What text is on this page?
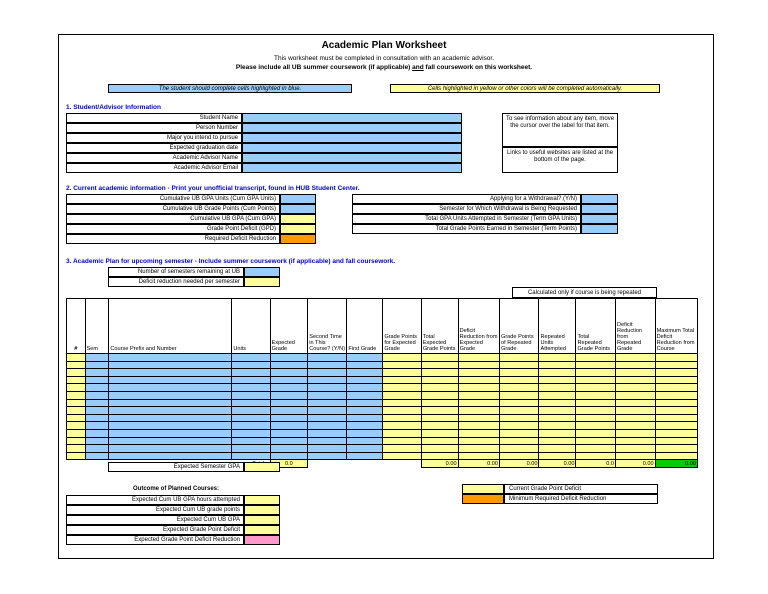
Academic Plan Worksheet
This worksheet must be completed in consultation with an academic advisor.
Please include all UB summer coursework (if applicable) and fall coursework on this worksheet.
The student should complete cells highlighted in blue.	Cells highlighted in yellow or other colors will be completed automatically.
1. Student/Advisor Information
Student Name
Person Number
Major you intend to pursue
Expected graduation date
Academic Advisor Name
Academic Advisor Email
To see information about any item, move the cursor over the label for that item.
Links to useful websites are listed at the bottom of the page.
2. Current academic information - Print your unofficial transcript, found in HUB Student Center.
Cumulative UB GPA Units (Cum GPA Units)
Cumulative UB Grade Points (Cum Points)
Cumulative UB GPA (Cum GPA)
Grade Point Deficit (GPD)
Required Deficit Reduction
Applying for a Withdrawal? (Y/N)
Semester for Which Withdrawal is Being Requested
Total GPA Units Attempted in Semester (Term GPA Units)
Total Grade Points Earned in Semester (Term Points)
3. Academic Plan for upcoming semester - Include summer coursework (if applicable) and fall coursework.
Number of semesters remaining at UB
Deficit reduction needed per semester
Calculated only if course is being repeated
#	Sem	Course Prefix and Number	Units	Expected Grade	Second Time in This Course? (Y/N)	First Grade	Grade Points for Expected Grade	Total Expected Grade Points	Deficit Reduction from Expected Grade	Grade Points of Repeated Grade	Repeated Units Attempted	Total Repeated Grade Points	Deficit Reduction from Repeated Grade	Maximum Total Deficit Reduction from Course

	0.0				0.00	0.00	0.00	0.00	0.0	0.00	0.00
Expected Semester GPA
Outcome of Planned Courses:
Expected Cum UB GPA hours attempted
Expected Cum UB grade points
Expected Cum UB GPA
Expected Grade Point Deficit
Expected Grade Point Deficit Reduction
Current Grade Point Deficit
Minimum Required Deficit Reduction
